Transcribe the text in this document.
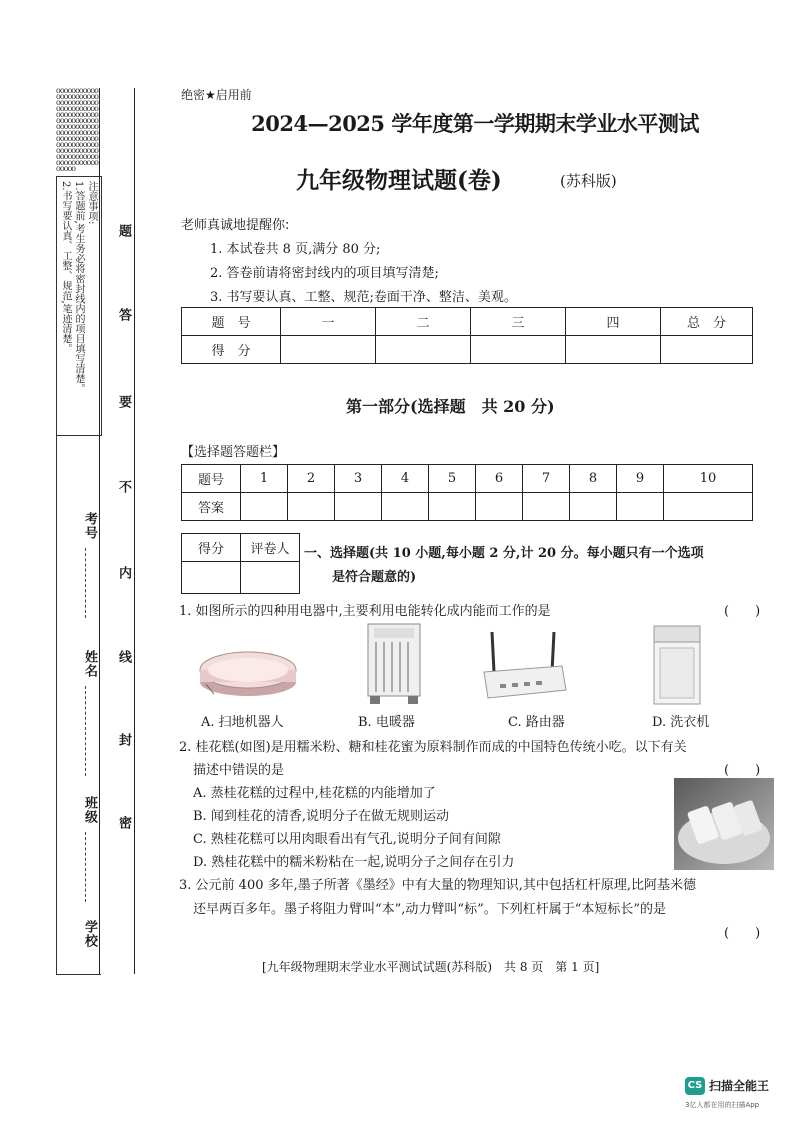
oooooooooooooooooooooooooooooooooooooooooooooooooooooooooooooooooooooooooooooooooooooooooooooooooooooooooooooooooooooooooooooooooooooooooooooooooooo
注意事项:
1.答题前,考生务必将密封线内的项目填写清楚。
2.书写要认真、工整、规范,笔迹清楚。
考号
姓名
班级
学校
题
答
要
不
内
线
封
密
绝密★启用前
2024—2025 学年度第一学期期末学业水平测试
九年级物理试题(卷)	(苏科版)
老师真诚地提醒你:
1. 本试卷共 8 页,满分 80 分;
2. 答卷前请将密封线内的项目填写清楚;
3. 书写要认真、工整、规范;卷面干净、整洁、美观。
题　号	一	二	三	四	总　分
得　分					
第一部分(选择题　共 20 分)
【选择题答题栏】
题号	1	2	3	4	5	6	7	8	9	10
答案										
得分	评卷人
	一、选择题(共 10 小题,每小题 2 分,计 20 分。每小题只有一个选项
是符合题意的)
1. 如图所示的四种用电器中,主要利用电能转化成内能而工作的是	(　　)
A. 扫地机器人	B. 电暖器	C. 路由器	D. 洗衣机
2. 桂花糕(如图)是用糯米粉、糖和桂花蜜为原料制作而成的中国特色传统小吃。以下有关
描述中错误的是	(　　)
A. 蒸桂花糕的过程中,桂花糕的内能增加了
B. 闻到桂花的清香,说明分子在做无规则运动
C. 熟桂花糕可以用肉眼看出有气孔,说明分子间有间隙
D. 熟桂花糕中的糯米粉粘在一起,说明分子之间存在引力
3. 公元前 400 多年,墨子所著《墨经》中有大量的物理知识,其中包括杠杆原理,比阿基米德
还早两百多年。墨子将阻力臂叫“本”,动力臂叫“标”。下列杠杆属于“本短标长”的是
(　　)
[九年级物理期末学业水平测试试题(苏科版)　共 8 页　第 1 页]
CS 扫描全能王
3亿人都在用的扫描App
